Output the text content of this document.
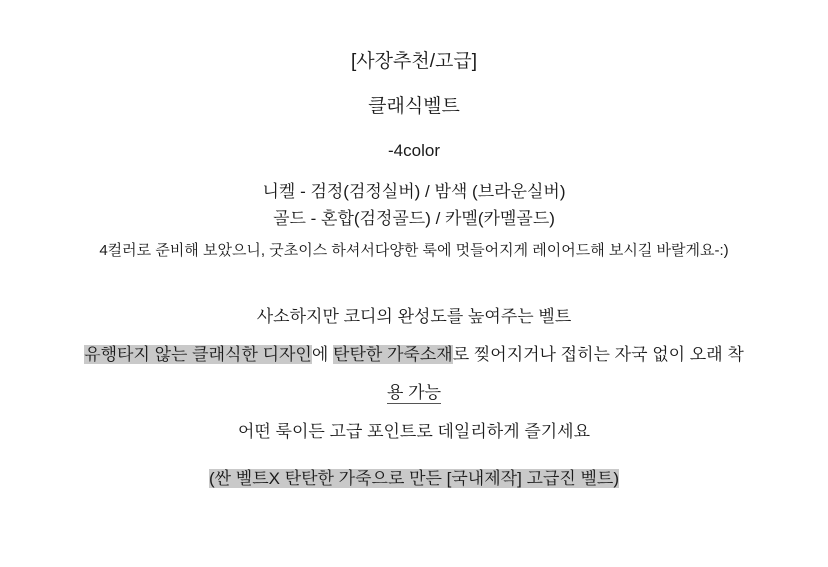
[사장추천/고급]
클래식벨트
-4color
니켈 - 검정(검정실버) / 밤색 (브라운실버)
골드 - 혼합(검정골드) / 카멜(카멜골드)
4컬러로 준비해 보았으니, 굿초이스 하셔서다양한 룩에 멋들어지게 레이어드해 보시길 바랄게요-:)
사소하지만 코디의 완성도를 높여주는 벨트
유행타지 않는 클래식한 디자인에 탄탄한 가죽소재로 찢어지거나 접히는 자국 없이 오래 착
용 가능
어떤 룩이든 고급 포인트로 데일리하게 즐기세요
(싼 벨트X 탄탄한 가죽으로 만든 [국내제작] 고급진 벨트)
